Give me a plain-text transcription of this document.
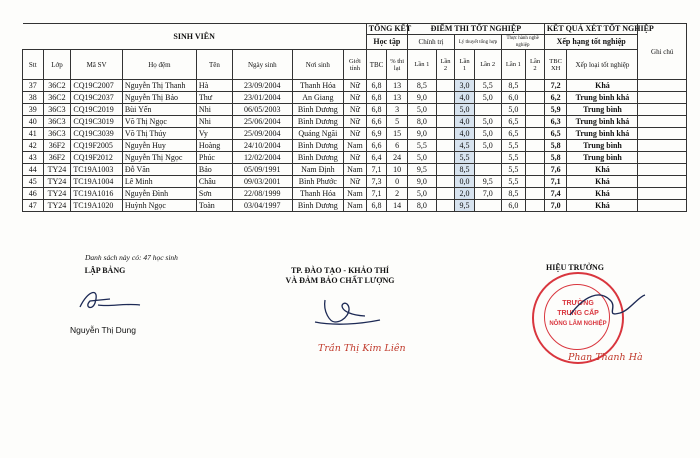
SINH VIÊN								TỔNG KẾT		ĐIỂM THI TỐT NGHIỆP						KẾT QUẢ XÉT TỐT NGHIỆP		Ghi chú
								Học tập		Chính trị		Lý thuyết tổng hợp		Thực hành nghề nghiệp		Xếp hạng tốt nghiệp		
Stt	Lớp	Mã SV	Họ đệm	Tên	Ngày sinh	Nơi sinh	Giới tính	TBC	% thi lại	Lần 1	Lần 2	Lần 1	Lần 2	Lần 1	Lần 2	TBC XH	Xếp loại tốt nghiệp	
37	36C2	CQ19C2007	Nguyễn Thị Thanh	Hà	23/09/2004	Thanh Hóa	Nữ	6,8	13	8,5		3,0	5,5	8,5		7,2	Khá	
38	36C2	CQ19C2037	Nguyễn Thị Bảo	Thư	23/01/2004	An Giang	Nữ	6,8	13	9,0		4,0	5,0	6,0		6,2	Trung bình khá	
39	36C3	CQ19C2019	Bùi Yến	Nhi	06/05/2003	Bình Dương	Nữ	6,8	3	5,0		5,0		5,0		5,9	Trung bình	
40	36C3	CQ19C3019	Võ Thị Ngọc	Nhi	25/06/2004	Bình Dương	Nữ	6,6	5	8,0		4,0	5,0	6,5		6,3	Trung bình khá	
41	36C3	CQ19C3039	Võ Thị Thúy	Vy	25/09/2004	Quảng Ngãi	Nữ	6,9	15	9,0		4,0	5,0	6,5		6,5	Trung bình khá	
42	36F2	CQ19F2005	Nguyễn Huy	Hoàng	24/10/2004	Bình Dương	Nam	6,6	6	5,5		4,5	5,0	5,5		5,8	Trung bình	
43	36F2	CQ19F2012	Nguyễn Thị Ngọc	Phúc	12/02/2004	Bình Dương	Nữ	6,4	24	5,0		5,5		5,5		5,8	Trung bình	
44	TY24	TC19A1003	Đỗ Văn	Bảo	05/09/1991	Nam Định	Nam	7,1	10	9,5		8,5		5,5		7,6	Khá	
45	TY24	TC19A1004	Lê Minh	Châu	09/03/2001	Bình Phước	Nữ	7,3	0	9,0		0,0	9,5	5,5		7,1	Khá	
46	TY24	TC19A1016	Nguyễn Đình	Sơn	22/08/1999	Thanh Hóa	Nam	7,1	2	5,0		2,0	7,0	8,5		7,4	Khá	
47	TY24	TC19A1020	Huỳnh Ngọc	Toàn	03/04/1997	Bình Dương	Nam	6,8	14	8,0		9,5		6,0		7,0	Khá	
Danh sách này có: 47 học sinh
LẬP BẢNG
Nguyễn Thị Dung
TP. ĐÀO TẠO - KHẢO THÍ
VÀ ĐẢM BẢO CHẤT LƯỢNG
Trần Thị Kim Liên
HIỆU TRƯỞNG
TRƯỜNG
TRUNG CẤP
NÔNG LÂM NGHIỆP
Phan Thanh Hà
